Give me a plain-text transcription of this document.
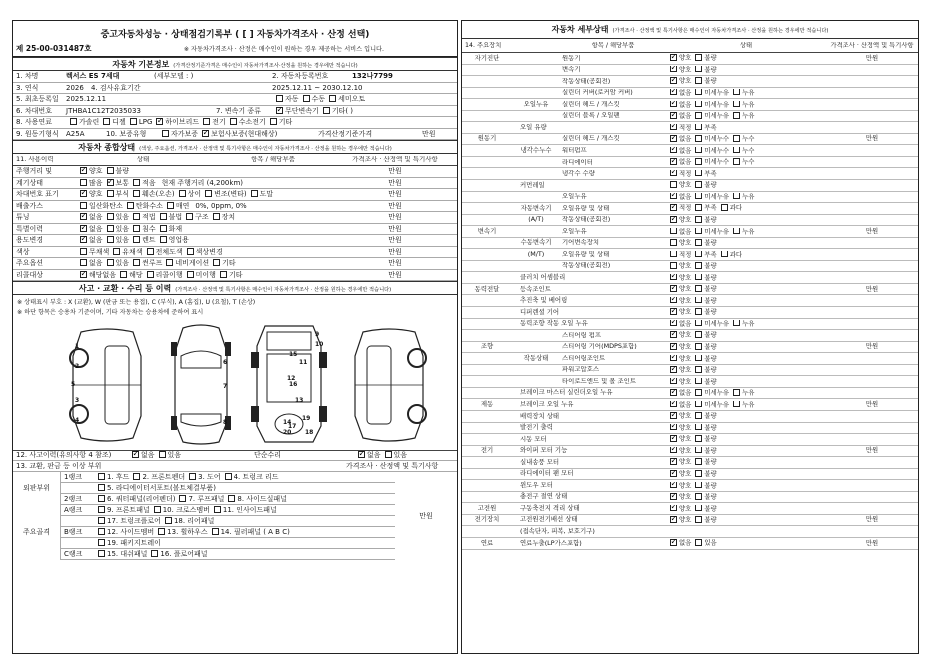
중고자동차성능 · 상태점검기록부 ( [ ] 자동차가격조사 · 산정 선택)
제 25-00-031487호	※ 자동차가격조사 · 산정은 매수인이 원하는 경우 제공하는 서비스 입니다.
자동차 기본정보 (가격산정기준가격은 매수인이 자동차가격조사·산정을 원하는 경우에만 적습니다)
1. 차명	렉서스 ES 7세대	(세부모델 : )	2. 자동차등록번호	132나7799
3. 연식	2026	4. 검사유효기간	2025.12.11 ~ 2030.12.10
5. 최초등록일	2025.12.11	자동 수동 세미오토
6. 차대번호	JTHBA1C12T2035033	7. 변속기 종류 ✓	무단변속기 기타( )
8. 사용연료	가솔린 디젤 LPG ✓ 하이브리드 전기 수소전기 기타
9. 원동기형식	A25A	10. 보증유형	자가보증 ✓ 보험사보증(현대해상)	가격산정기준가격	만원
자동차 종합상태 (색상, 주요옵션, 가격조사 · 산정액 및 특기사항은 매수인이 자동차가격조사 · 산정을 원하는 경우에만 적습니다)
11. 사용이력	상태	항목 / 해당부품	가격조사 · 산정액 및 특기사항
주행거리 및 ✓	양호 불량	만원
계기상태	많음 ✓ 보통 적음 현재 주행거리 (4,200km)	만원
차대번호 표기 ✓	양호 부식 훼손(오손) 상이 변조(변타) 도말	만원
배출가스	일산화탄소 탄화수소 매연 0%, 0ppm, 0%	만원
튜닝 ✓	없음 있음 적법 불법 구조 장치	만원
특별이력 ✓	없음 있음 침수 화재	만원
용도변경 ✓	없음 있음 렌트 영업용	만원
색상	무채색 유채색 전체도색 색상변경	만원
주요옵션	없음 있음 썬루프 네비게이션 기타	만원
리콜대상 ✓	해당없음 해당 리콜이행 미이행 기타	만원
사고 · 교환 · 수리 등 이력 (가격조사 · 산정액 및 특기사항은 매수인이 자동차가격조사 · 산정을 원하는 경우에만 적습니다)
※ 상태표시 부호 : X (교환), W (판금 또는 용접), C (부식), A (흠집), U (요철), T (손상)
※ 하단 항목은 승용차 기준이며, 기타 자동차는 승용차에 준하여 표시
1
2
3
4
5
6
7
8
9
10
11
12
13
14
15
16
17
18
19
20
12. 사고이력(유의사항 4 참조) ✓	없음 있음	단순수리 ✓	없음 있음
13. 교환, 판금 등 이상 부위	가격조사 · 산정액 및 특기사항
외판부위
주요골격
1랭크	1. 후드 2. 프론트펜더 3. 도어 4. 트렁크 리드
5. 라디에이터서포트(볼트체결부품)
2랭크	6. 쿼터패널(리어펜더) 7. 루프패널 8. 사이드실패널
A랭크	9. 프론트패널 10. 크로스멤버 11. 인사이드패널
17. 트렁크플로어 18. 리어패널
B랭크	12. 사이드멤버 13. 휠하우스 14. 필러패널 ( A B C)
19. 패키지트레이
C랭크	15. 대쉬패널 16. 플로어패널
만원
자동차 세부상태 (가격조사 · 산정액 및 특기사항은 매수인이 자동차가격조사 · 산정을 원하는 경우에만 적습니다)
14. 주요장치	항목 / 해당부품	상태	가격조사 · 산정액 및 특기사항
자기진단	원동기 ✓	양호 불량	만원
변속기 ✓	양호 불량
작동상태(공회전) ✓	양호 불량
실린더 커버(로커암 커버) ✓	없음 미세누유 누유
오일누유	실린더 헤드 / 개스킷 ✓	없음 미세누유 누유
실린더 블록 / 오일팬 ✓	없음 미세누유 누유
오일 유량 ✓	적정 부족
원동기	실린더 헤드 / 개스킷 ✓	없음 미세누수 누수	만원
냉각수누수	워터펌프 ✓	없음 미세누수 누수
라디에이터 ✓	없음 미세누수 누수
냉각수 수량 ✓	적정 부족
커먼레일	양호 불량
오일누유 ✓	없음 미세누유 누유
자동변속기	오일유량 및 상태 ✓	적정 부족 과다
(A/T)	작동상태(공회전) ✓	양호 불량
변속기	오일누유	없음 미세누유 누유	만원
수동변속기	기어변속장치	양호 불량
(M/T)	오일유량 및 상태	적정 부족 과다
작동상태(공회전)	양호 불량
클러치 어셈블리 ✓	양호 불량
동력전달	등속조인트 ✓	양호 불량	만원
추진축 및 베어링 ✓	양호 불량
디퍼렌셜 기어 ✓	양호 불량
동력조향 작동 오일 누유 ✓	없음 미세누유 누유
스티어링 펌프 ✓	양호 불량
조향	스티어링 기어(MDPS포함) ✓	양호 불량	만원
작동상태	스티어링조인트 ✓	양호 불량
파워고압호스 ✓	양호 불량
타이로드엔드 및 볼 조인트 ✓	양호 불량
브레이크 마스터 실린더오일 누유 ✓	없음 미세누유 누유
제동	브레이크 오일 누유 ✓	없음 미세누유 누유	만원
배력장치 상태 ✓	양호 불량
발전기 출력 ✓	양호 불량
시동 모터 ✓	양호 불량
전기	와이퍼 모터 기능 ✓	양호 불량	만원
실내송풍 모터 ✓	양호 불량
라디에이터 팬 모터 ✓	양호 불량
윈도우 모터 ✓	양호 불량
충전구 절연 상태 ✓	양호 불량
고전원	구동축전지 격리 상태 ✓	양호 불량
전기장치	고전원전기배선 상태 ✓	양호 불량	만원
(접속단자, 피복, 보호기구)
연료	연료누출(LP가스포함) ✓	없음 있음	만원
